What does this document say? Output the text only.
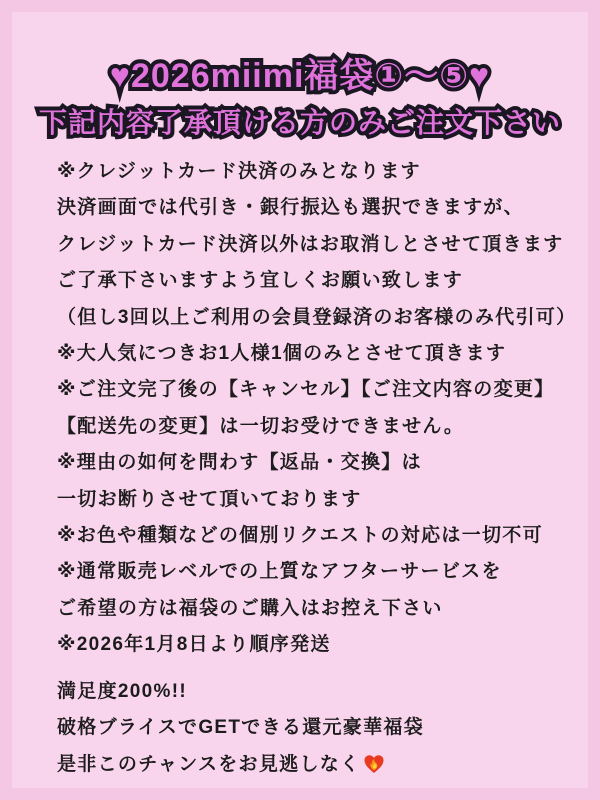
♥2026miimi福袋①〜⑤♥
下記内容了承頂ける方のみご注文下さい

※クレジットカード決済のみとなります

決済画面では代引き・銀行振込も選択できますが、

クレジットカード決済以外はお取消しとさせて頂きます

ご了承下さいますよう宜しくお願い致します

（但し3回以上ご利用の会員登録済のお客様のみ代引可）

※大人気につきお1人様1個のみとさせて頂きます

※ご注文完了後の【キャンセル】【ご注文内容の変更】

【配送先の変更】は一切お受けできません。

※理由の如何を問わす【返品・交換】は

一切お断りさせて頂いております

※お色や種類などの個別リクエストの対応は一切不可

※通常販売レベルでの上質なアフターサービスを

ご希望の方は福袋のご購入はお控え下さい

※2026年1月8日より順序発送

満足度200%!!

破格ブライスでGETできる還元豪華福袋

是非このチャンスをお見逃しなく
